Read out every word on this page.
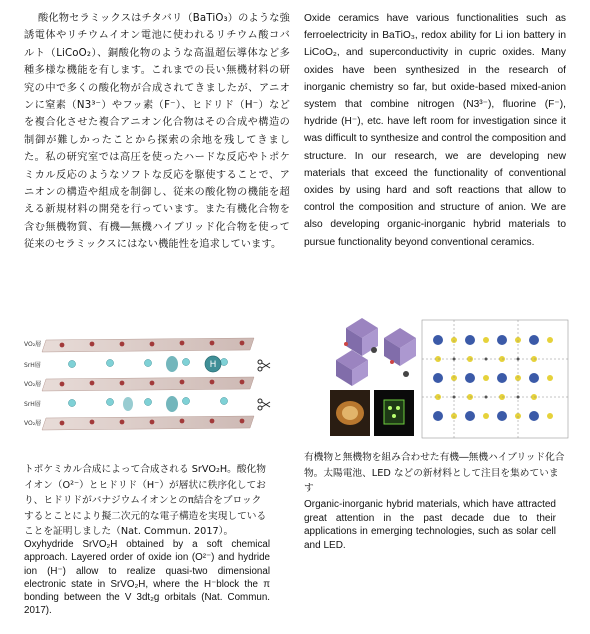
酸化物セラミックスはチタバリ（BaTiO₃）のような強誘電体やリチウムイオン電池に使われるリチウム酸コバルト（LiCoO₂）、銅酸化物のような高温超伝導体など多種多様な機能を有します。これまでの長い無機材料の研究の中で多くの酸化物が合成されてきましたが、アニオンに窒素（N3³⁻）やフッ素（F⁻）、ヒドリド（H⁻）などを複合化させた複合アニオン化合物はその合成や構造の制御が難しかったことから探索の余地を残してきました。私の研究室では高圧を使ったハードな反応やトポケミカル反応のようなソフトな反応を駆使することで、アニオンの構造や組成を制御し、従来の酸化物の機能を超える新規材料の開発を行っています。また有機化合物を含む無機物質、有機―無機ハイブリッド化合物を使って従来のセラミックスにはない機能性を追求しています。

Oxide ceramics have various functionalities such as ferroelectricity in BaTiO₃, redox ability for Li ion battery in LiCoO₂, and superconductivity in cupric oxides. Many oxides have been synthesized in the research of inorganic chemistry so far, but oxide-based mixed-anion system that combine nitrogen (N3³⁻), fluorine (F⁻), hydride (H⁻), etc. have left room for investigation since it was difficult to synthesize and control the composition and structure. In our research, we are developing new materials that exceed the functionality of conventional oxides by using hard and soft reactions that allow to control the composition and structure of anion. We are also developing organic-inorganic hybrid materials to pursue functionality beyond conventional ceramics.

VO₂層
SrH層
VO₂層
SrH層
VO₂層
H

トポケミカル合成によって合成される SrVO₂H。酸化物イオン（O²⁻）とヒドリド（H⁻）が層状に秩序化しており、ヒドリドがバナジウムイオンとのπ結合をブロックするとことにより擬二次元的な電子構造を実現していることを証明しました（Nat. Commun. 2017）。

Oxyhydride SrVO₂H obtained by a soft chemical approach. Layered order of oxide ion (O²⁻) and hydride ion (H⁻) allow to realize quasi-two dimensional electronic state in SrVO₂H, where the H⁻block the π bonding between the V 3dt₂g orbitals (Nat. Commun. 2017).

有機物と無機物を組み合わせた有機―無機ハイブリッド化合物。太陽電池、LED などの新材料として注目を集めています

Organic-inorganic hybrid materials, which have attracted great attention in the past decade due to their applications in emerging technologies, such as solar cell and LED.
